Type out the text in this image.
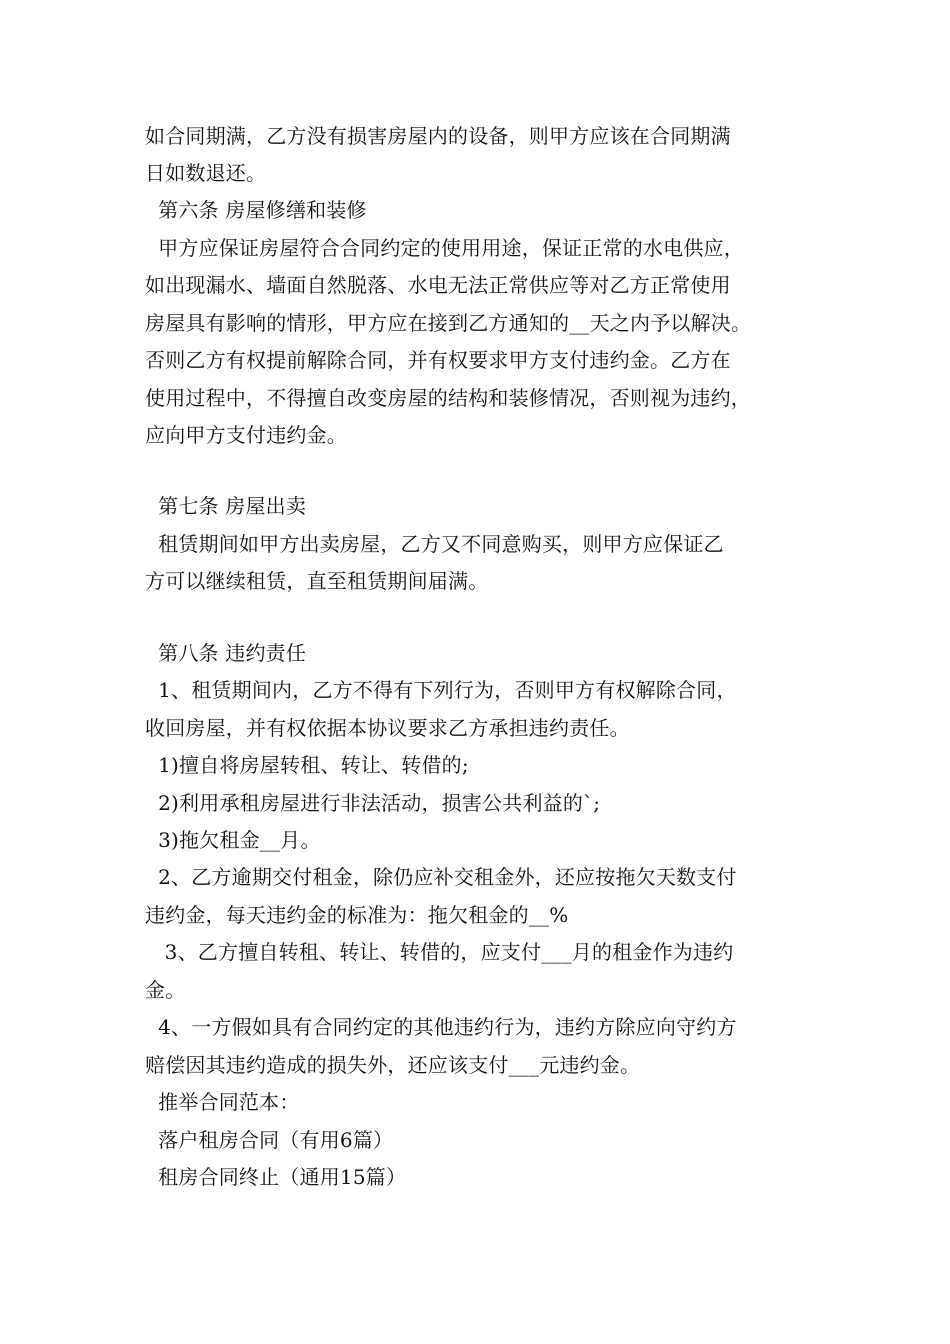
如合同期满，乙方没有损害房屋内的设备，则甲方应该在合同期满
日如数退还。
第六条 房屋修缮和装修
甲方应保证房屋符合合同约定的使用用途，保证正常的水电供应，
如出现漏水、墙面自然脱落、水电无法正常供应等对乙方正常使用
房屋具有影响的情形，甲方应在接到乙方通知的__天之内予以解决。
否则乙方有权提前解除合同，并有权要求甲方支付违约金。乙方在
使用过程中，不得擅自改变房屋的结构和装修情况，否则视为违约，
应向甲方支付违约金。
第七条 房屋出卖
租赁期间如甲方出卖房屋，乙方又不同意购买，则甲方应保证乙
方可以继续租赁，直至租赁期间届满。
第八条 违约责任
1、租赁期间内，乙方不得有下列行为，否则甲方有权解除合同，
收回房屋，并有权依据本协议要求乙方承担违约责任。
1)擅自将房屋转租、转让、转借的;
2)利用承租房屋进行非法活动，损害公共利益的`;
3)拖欠租金__月。
2、乙方逾期交付租金，除仍应补交租金外，还应按拖欠天数支付
违约金，每天违约金的标准为：拖欠租金的__%
3、乙方擅自转租、转让、转借的，应支付___月的租金作为违约
金。
4、一方假如具有合同约定的其他违约行为，违约方除应向守约方
赔偿因其违约造成的损失外，还应该支付___元违约金。
推举合同范本：
落户租房合同（有用6篇）
租房合同终止（通用15篇）
